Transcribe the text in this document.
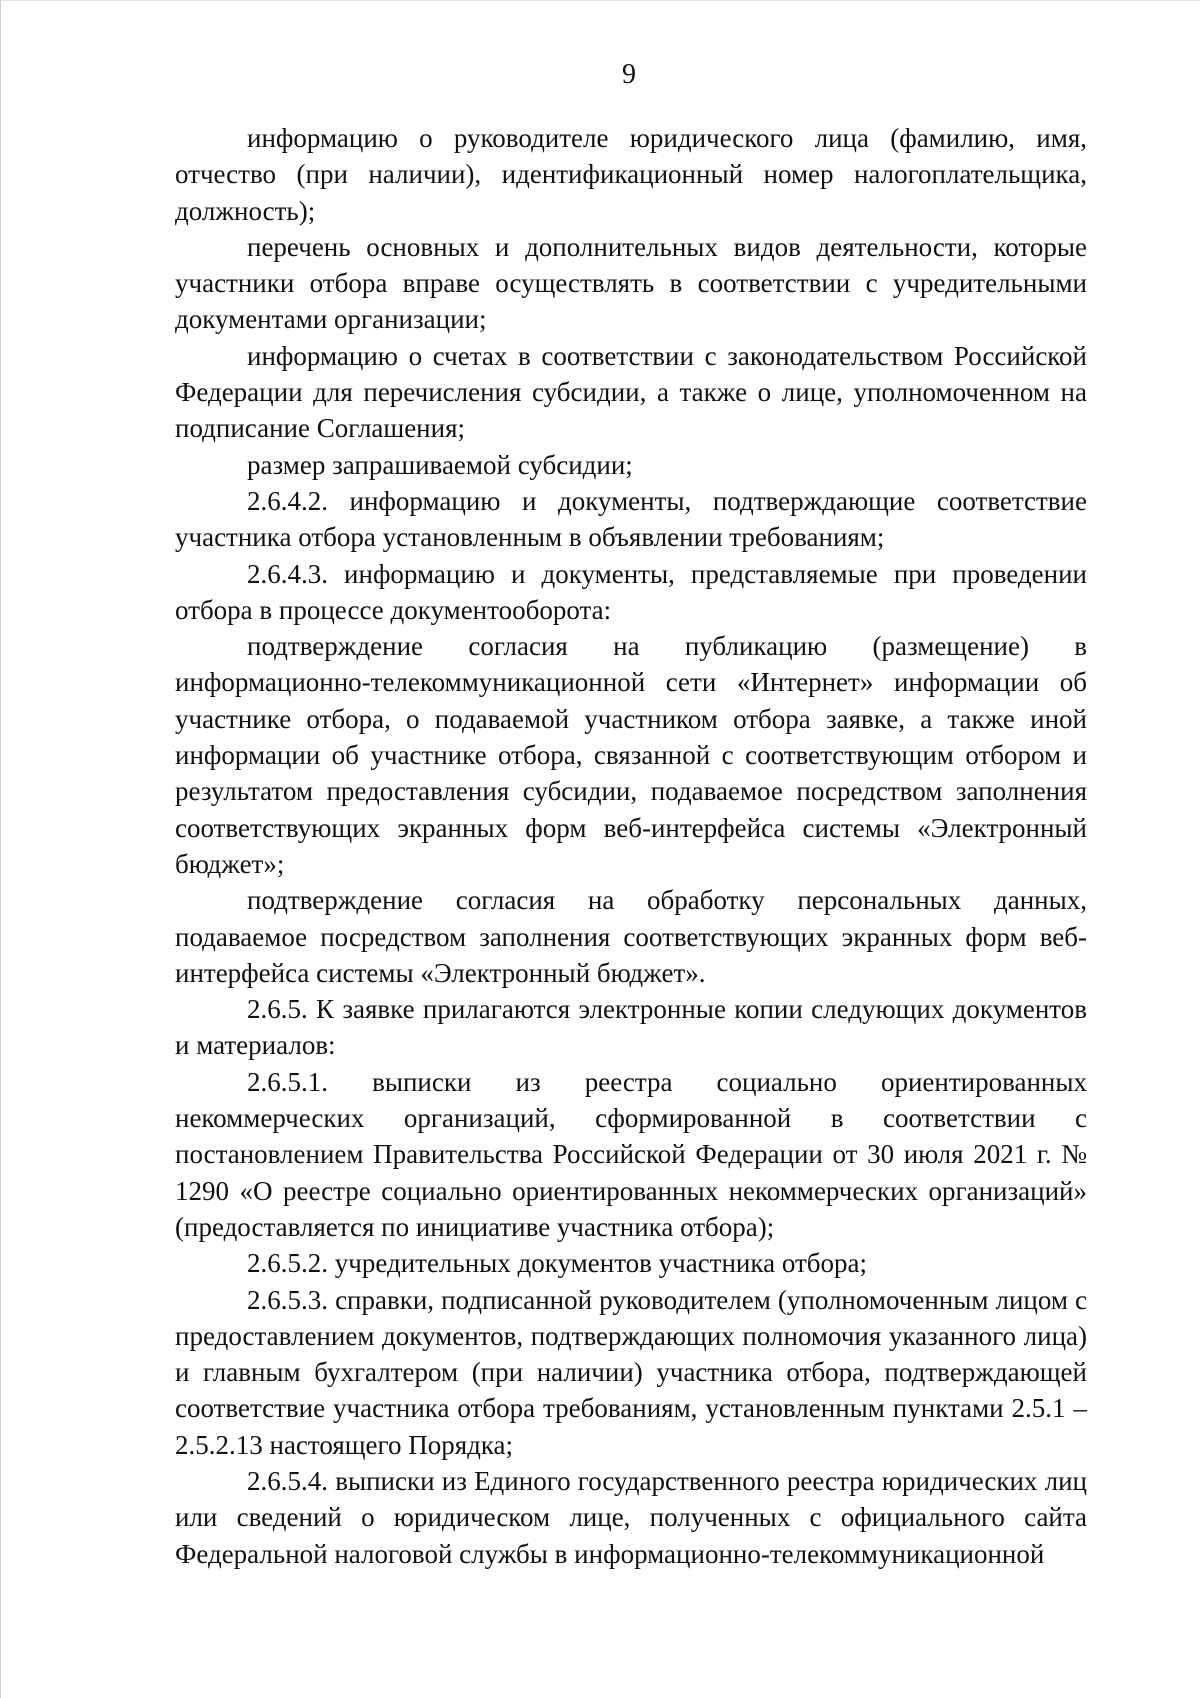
9

информацию о руководителе юридического лица (фамилию, имя, отчество (при наличии), идентификационный номер налогоплательщика, должность);

перечень основных и дополнительных видов деятельности, которые участники отбора вправе осуществлять в соответствии с учредительными документами организации;

информацию о счетах в соответствии с законодательством Российской Федерации для перечисления субсидии, а также о лице, уполномоченном на подписание Соглашения;

размер запрашиваемой субсидии;

2.6.4.2. информацию и документы, подтверждающие соответствие участника отбора установленным в объявлении требованиям;

2.6.4.3. информацию и документы, представляемые при проведении отбора в процессе документооборота:

подтверждение согласия на публикацию (размещение) в информационно-телекоммуникационной сети «Интернет» информации об участнике отбора, о подаваемой участником отбора заявке, а также иной информации об участнике отбора, связанной с соответствующим отбором и результатом предоставления субсидии, подаваемое посредством заполнения соответствующих экранных форм веб-интерфейса системы «Электронный бюджет»;

подтверждение согласия на обработку персональных данных, подаваемое посредством заполнения соответствующих экранных форм веб-интерфейса системы «Электронный бюджет».

2.6.5. К заявке прилагаются электронные копии следующих документов и материалов:

2.6.5.1. выписки из реестра социально ориентированных некоммерческих организаций, сформированной в соответствии с постановлением Правительства Российской Федерации от 30 июля 2021 г. № 1290 «О реестре социально ориентированных некоммерческих организаций» (предоставляется по инициативе участника отбора);

2.6.5.2. учредительных документов участника отбора;

2.6.5.3. справки, подписанной руководителем (уполномоченным лицом с предоставлением документов, подтверждающих полномочия указанного лица) и главным бухгалтером (при наличии) участника отбора, подтверждающей соответствие участника отбора требованиям, установленным пунктами 2.5.1 – 2.5.2.13 настоящего Порядка;

2.6.5.4. выписки из Единого государственного реестра юридических лиц или сведений о юридическом лице, полученных с официального сайта Федеральной налоговой службы в информационно-телекоммуникационной
